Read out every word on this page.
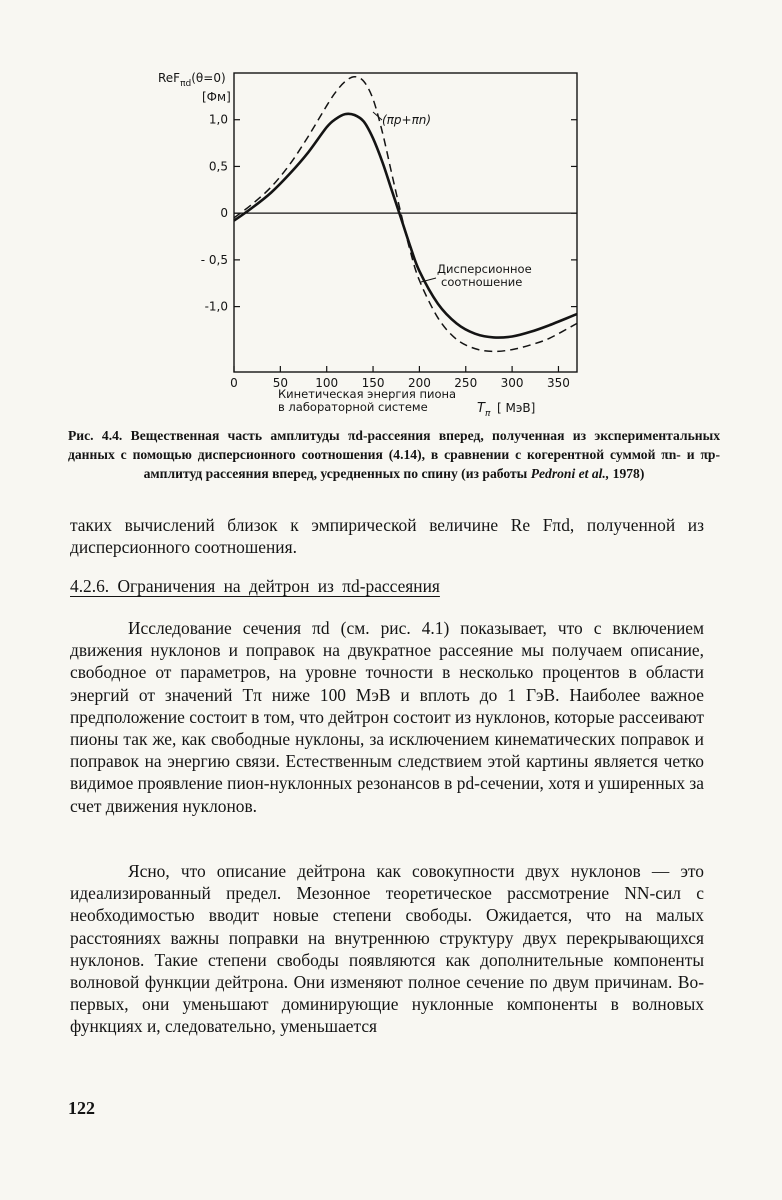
1,0
0,5
0
- 0,5
-1,0
0	50 100 150 200 250 300 350
ReF$_{\pi d}$(θ=0)
[Фм]
(πp+πn)
Дисперсионное
соотношение
Кинетическая энергия пиона
в лабораторной системе	$T_\pi$ [ МэВ]
Рис. 4.4. Вещественная часть амплитуды πd-рассеяния вперед, полученная из экспериментальных данных с помощью дисперсионного соотношения (4.14), в сравнении с когерентной суммой πn- и πp-амплитуд рассеяния вперед, усредненных по спину (из работы Pedroni et al., 1978)

таких вычислений близок к эмпирической величине Re Fπd, полученной из дисперсионного соотношения.

4.2.6. Ограничения на дейтрон из πd-рассеяния

Исследование сечения πd (см. рис. 4.1) показывает, что с включением движения нуклонов и поправок на двукратное рассеяние мы получаем описание, свободное от параметров, на уровне точности в несколько процентов в области энергий от значений Tπ ниже 100 МэВ и вплоть до 1 ГэВ. Наиболее важное предположение состоит в том, что дейтрон состоит из нуклонов, которые рассеивают пионы так же, как свободные нуклоны, за исключением кинематических поправок и поправок на энергию связи. Естественным следствием этой картины является четко видимое проявление пион-нуклонных резонансов в pd-сечении, хотя и уширенных за счет движения нуклонов.

Ясно, что описание дейтрона как совокупности двух нуклонов — это идеализированный предел. Мезонное теоретическое рассмотрение NN-сил с необходимостью вводит новые степени свободы. Ожидается, что на малых расстояниях важны поправки на внутреннюю структуру двух перекрывающихся нуклонов. Такие степени свободы появляются как дополнительные компоненты волновой функции дейтрона. Они изменяют полное сечение по двум причинам. Во-первых, они уменьшают доминирующие нуклонные компоненты в волновых функциях и, следовательно, уменьшается

122
